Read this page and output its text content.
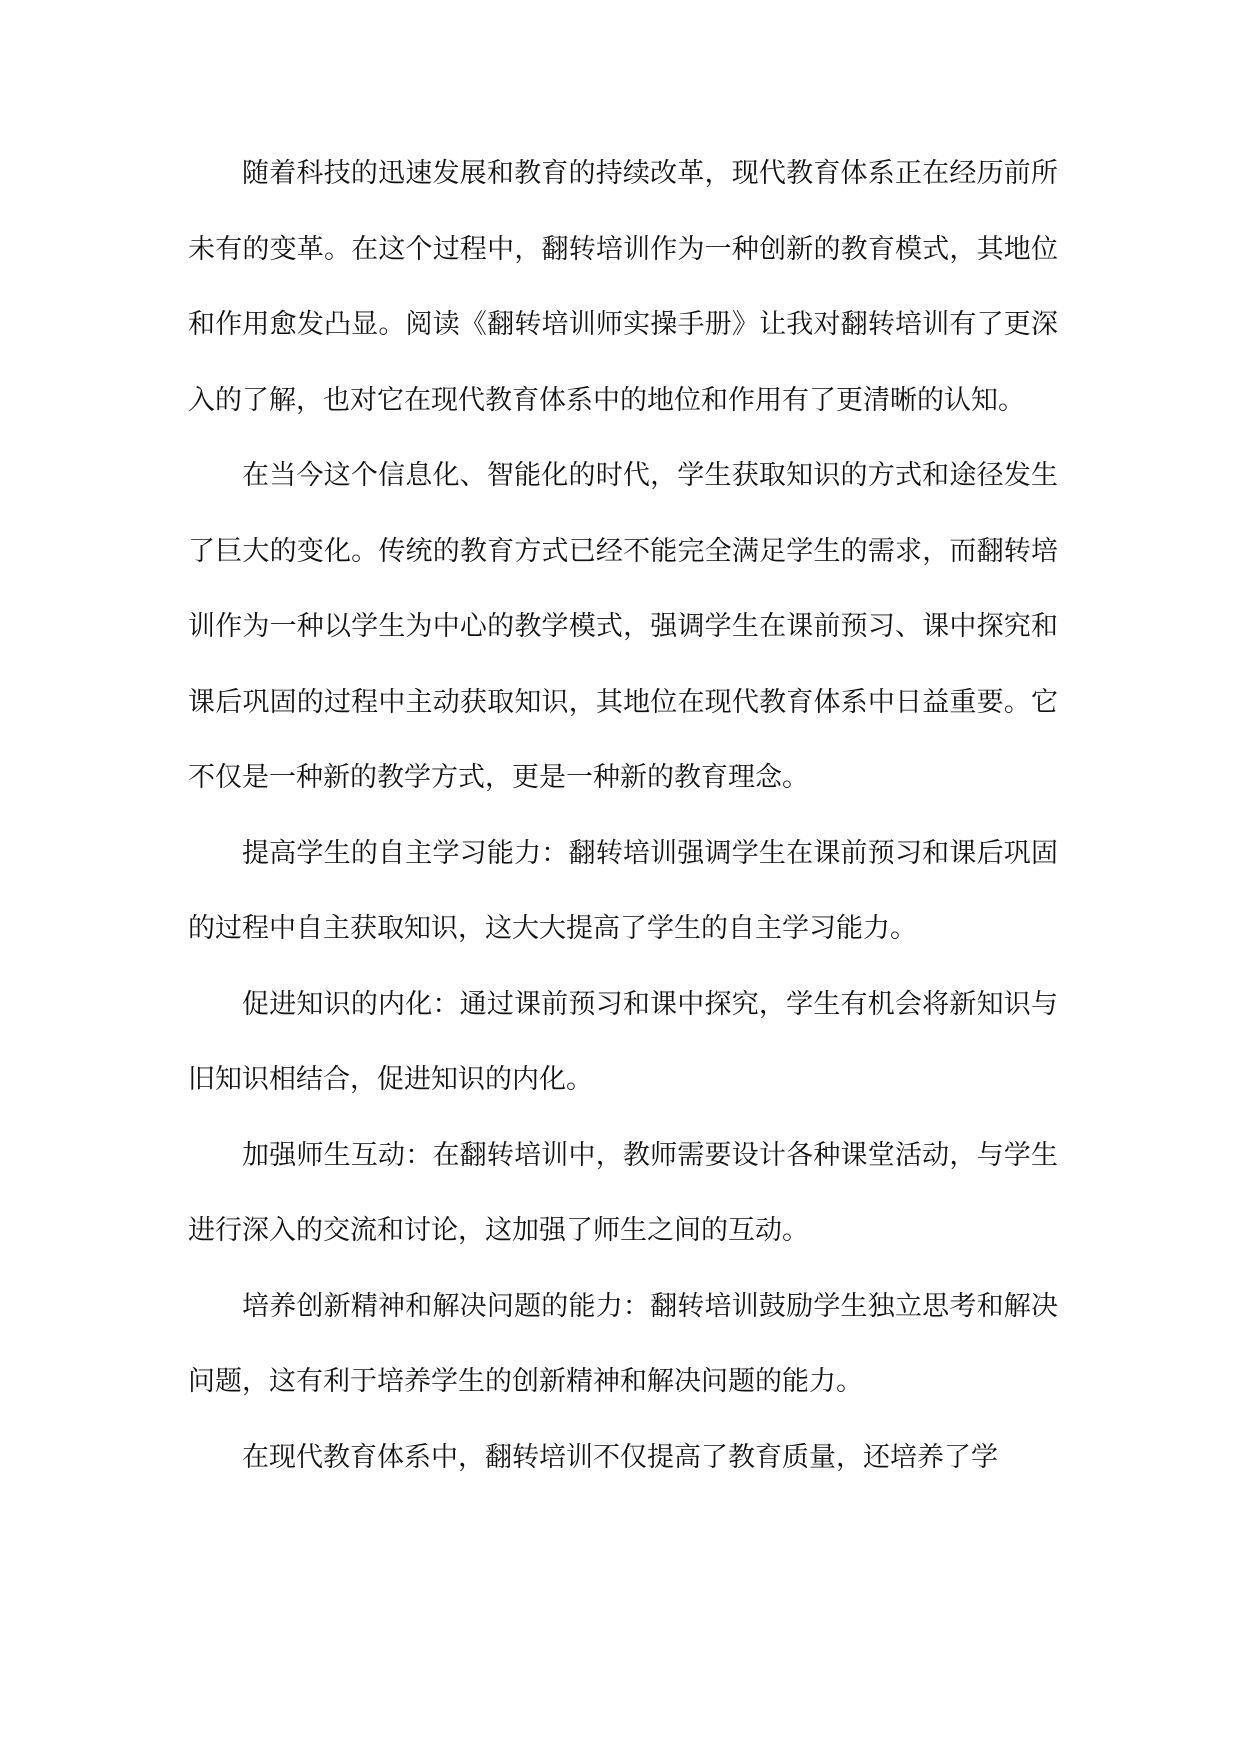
随着科技的迅速发展和教育的持续改革，现代教育体系正在经历前所未有的变革。在这个过程中，翻转培训作为一种创新的教育模式，其地位和作用愈发凸显。阅读《翻转培训师实操手册》让我对翻转培训有了更深入的了解，也对它在现代教育体系中的地位和作用有了更清晰的认知。

在当今这个信息化、智能化的时代，学生获取知识的方式和途径发生了巨大的变化。传统的教育方式已经不能完全满足学生的需求，而翻转培训作为一种以学生为中心的教学模式，强调学生在课前预习、课中探究和课后巩固的过程中主动获取知识，其地位在现代教育体系中日益重要。它不仅是一种新的教学方式，更是一种新的教育理念。

提高学生的自主学习能力：翻转培训强调学生在课前预习和课后巩固的过程中自主获取知识，这大大提高了学生的自主学习能力。

促进知识的内化：通过课前预习和课中探究，学生有机会将新知识与旧知识相结合，促进知识的内化。

加强师生互动：在翻转培训中，教师需要设计各种课堂活动，与学生进行深入的交流和讨论，这加强了师生之间的互动。

培养创新精神和解决问题的能力：翻转培训鼓励学生独立思考和解决问题，这有利于培养学生的创新精神和解决问题的能力。

在现代教育体系中，翻转培训不仅提高了教育质量，还培养了学
